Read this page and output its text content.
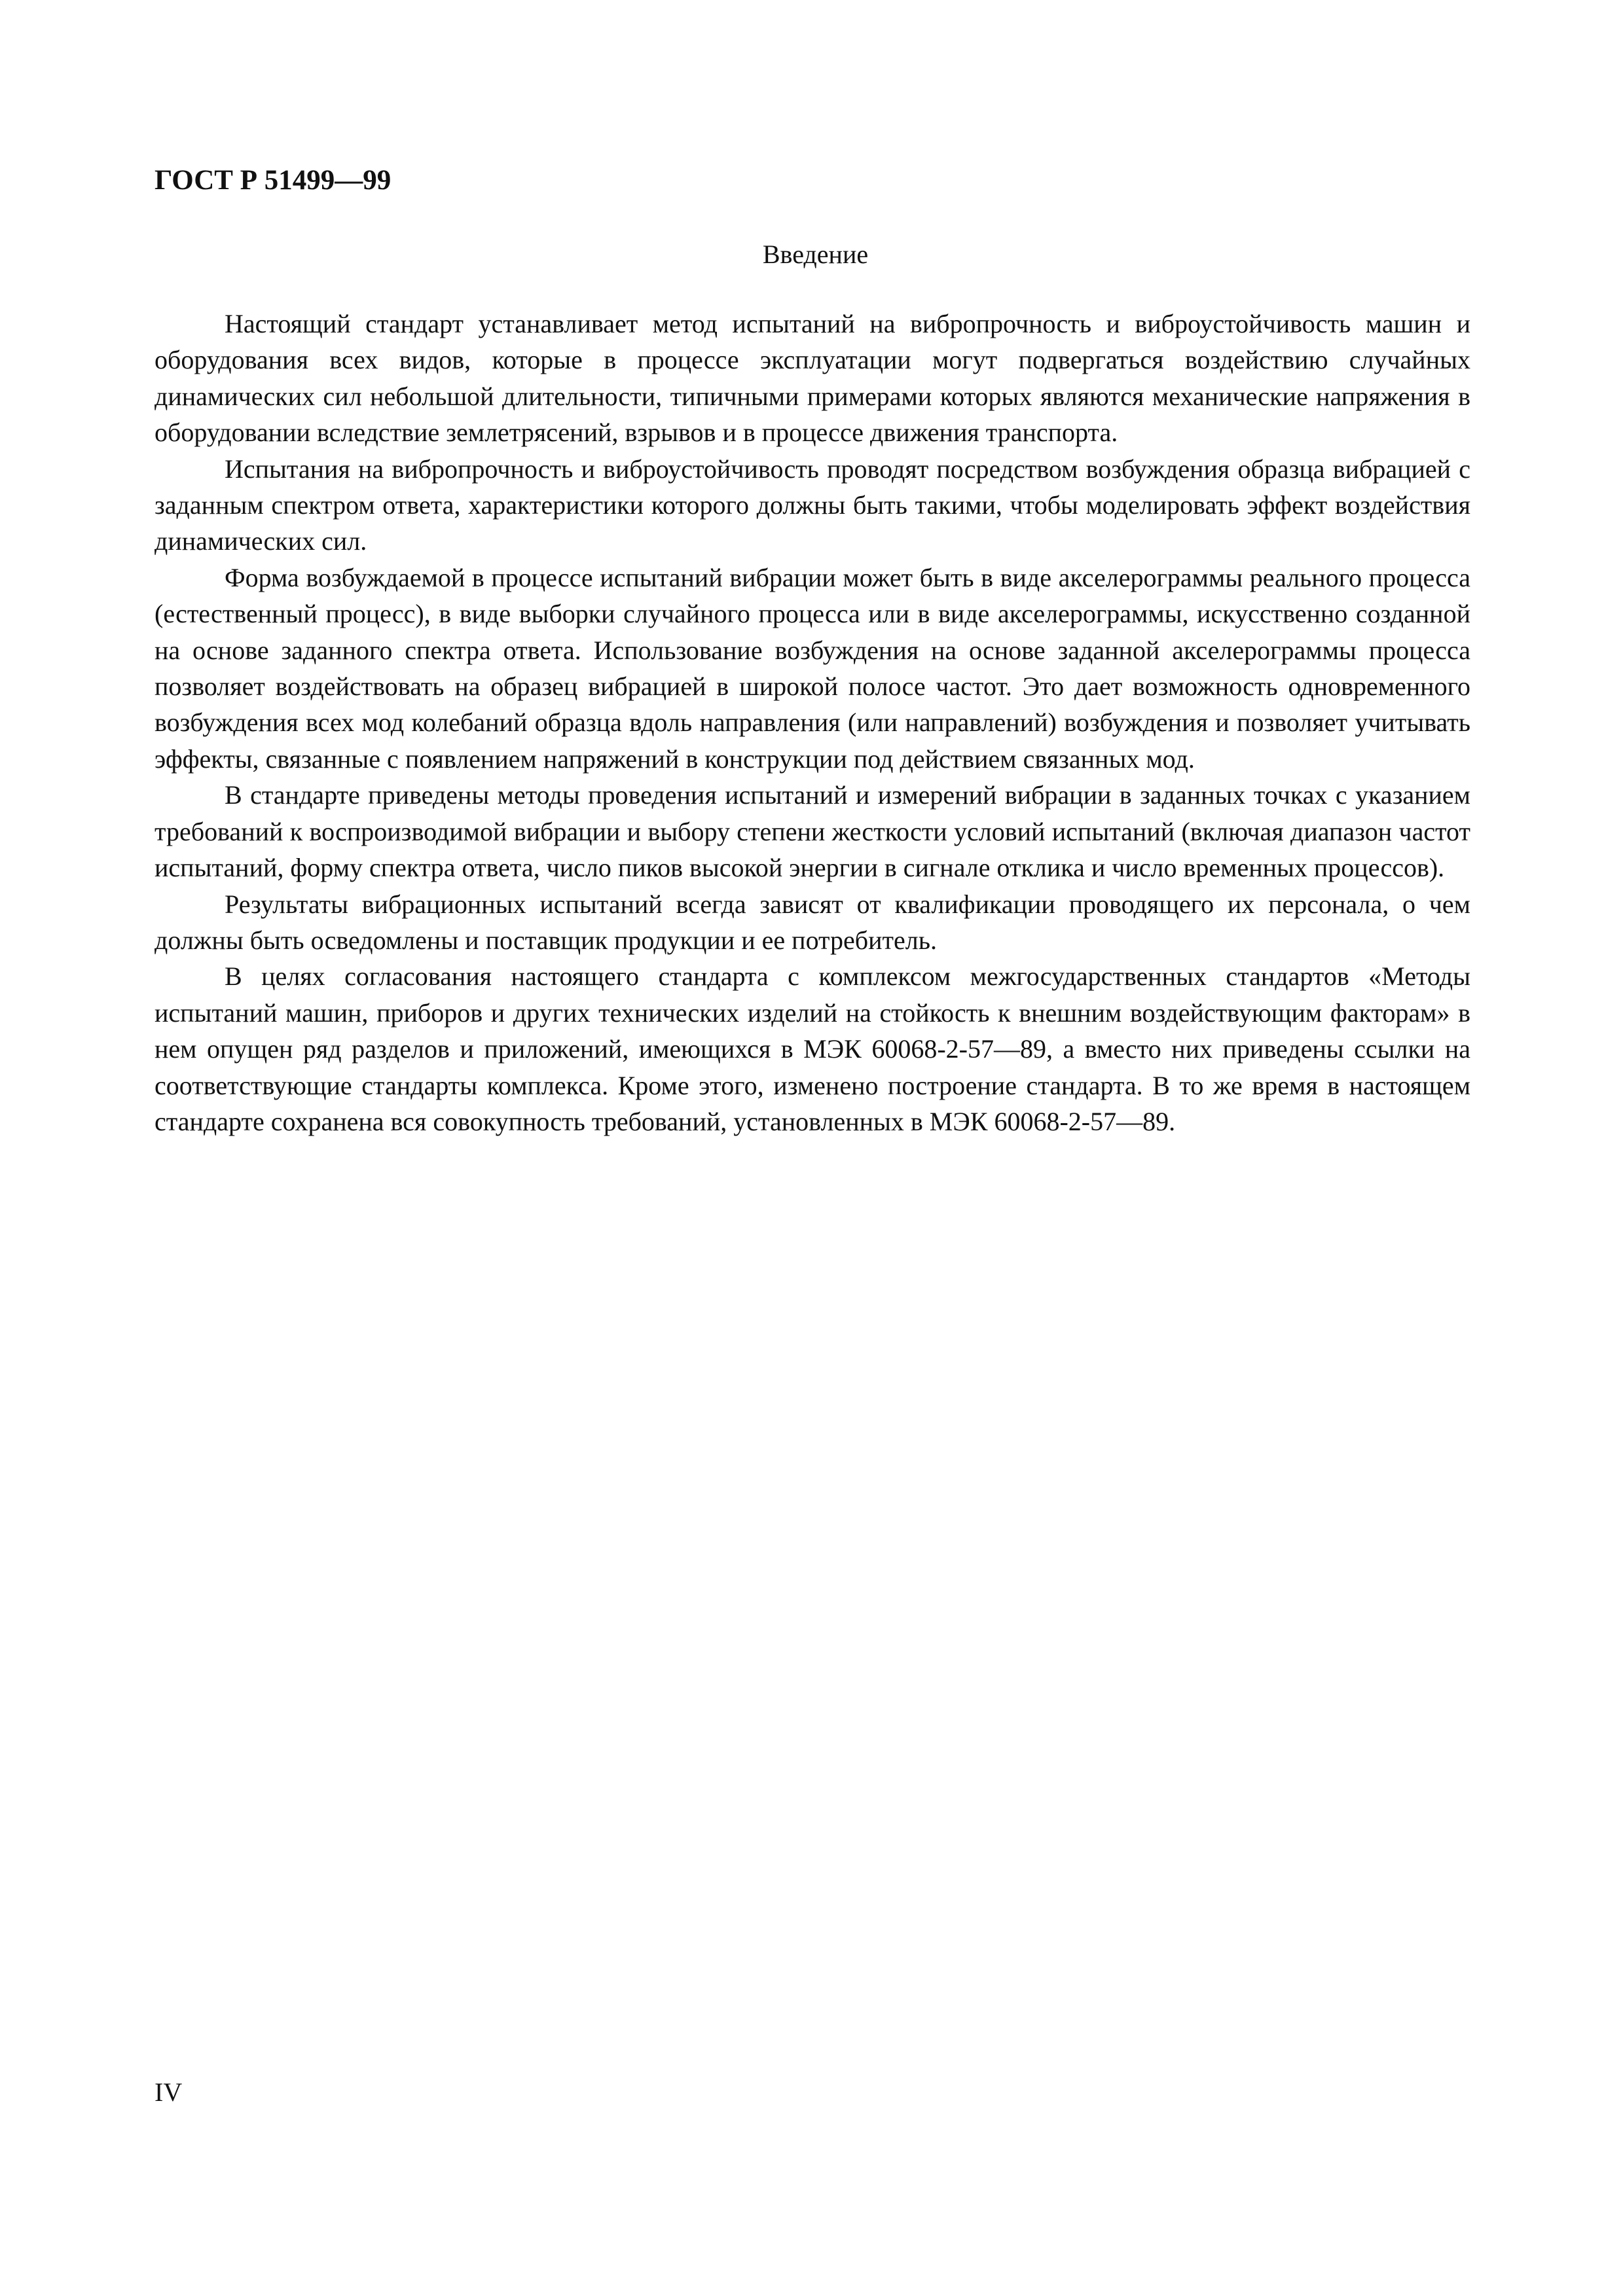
ГОСТ Р 51499—99
Введение

Настоящий стандарт устанавливает метод испытаний на вибропрочность и виброустойчивость машин и оборудования всех видов, которые в процессе эксплуатации могут подвергаться воздействию случайных динамических сил небольшой длительности, типичными примерами которых являются механические напряжения в оборудовании вследствие землетрясений, взрывов и в процессе движения транспорта.

Испытания на вибропрочность и виброустойчивость проводят посредством возбуждения образца вибрацией с заданным спектром ответа, характеристики которого должны быть такими, чтобы моделировать эффект воздействия динамических сил.

Форма возбуждаемой в процессе испытаний вибрации может быть в виде акселерограммы реального процесса (естественный процесс), в виде выборки случайного процесса или в виде акселерограммы, искусственно созданной на основе заданного спектра ответа. Использование возбуждения на основе заданной акселерограммы процесса позволяет воздействовать на образец вибрацией в широкой полосе частот. Это дает возможность одновременного возбуждения всех мод колебаний образца вдоль направления (или направлений) возбуждения и позволяет учитывать эффекты, связанные с появлением напряжений в конструкции под действием связанных мод.

В стандарте приведены методы проведения испытаний и измерений вибрации в заданных точках с указанием требований к воспроизводимой вибрации и выбору степени жесткости условий испытаний (включая диапазон частот испытаний, форму спектра ответа, число пиков высокой энергии в сигнале отклика и число временных процессов).

Результаты вибрационных испытаний всегда зависят от квалификации проводящего их персонала, о чем должны быть осведомлены и поставщик продукции и ее потребитель.

В целях согласования настоящего стандарта с комплексом межгосударственных стандартов «Методы испытаний машин, приборов и других технических изделий на стойкость к внешним воздействующим факторам» в нем опущен ряд разделов и приложений, имеющихся в МЭК 60068-2-57—89, а вместо них приведены ссылки на соответствующие стандарты комплекса. Кроме этого, изменено построение стандарта. В то же время в настоящем стандарте сохранена вся совокупность требований, установленных в МЭК 60068-2-57—89.

IV
